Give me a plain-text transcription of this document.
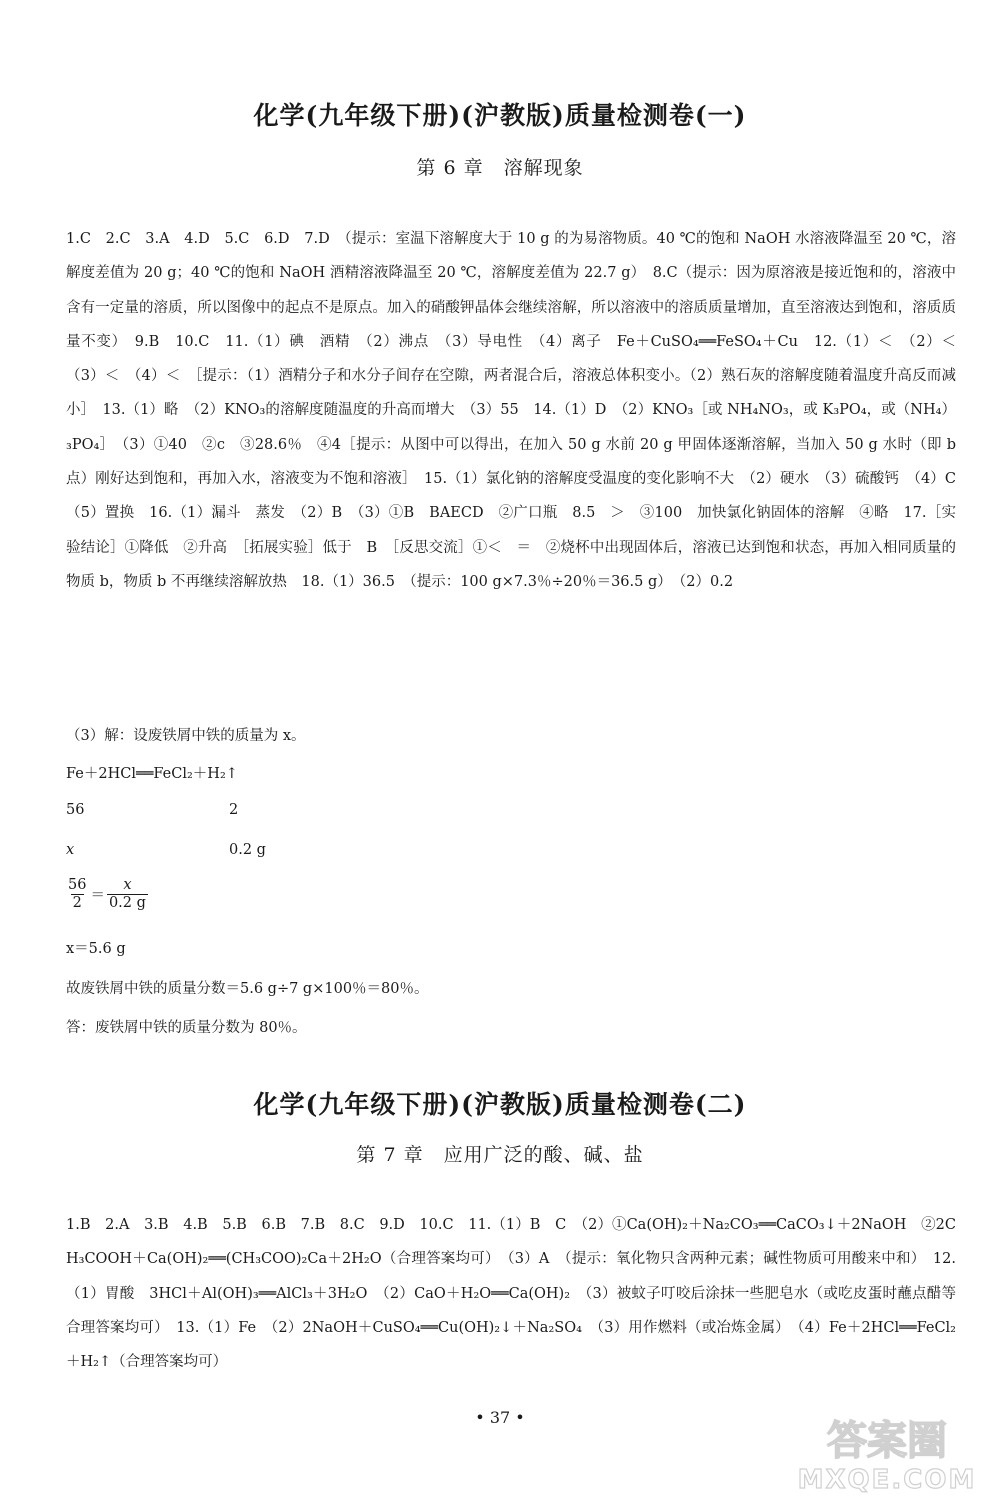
化学(九年级下册)(沪教版)质量检测卷(一)
第 6 章　溶解现象
1.C　2.C　3.A　4.D　5.C　6.D　7.D　（提示：室温下溶解度大于 10 g 的为易溶物质。40 ℃的饱和 NaOH 水溶液降温至 20 ℃，溶解度差值为 20 g；40 ℃的饱和 NaOH 酒精溶液降温至 20 ℃，溶解度差值为 22.7 g）　8.C（提示：因为原溶液是接近饱和的，溶液中含有一定量的溶质，所以图像中的起点不是原点。加入的硝酸钾晶体会继续溶解，所以溶液中的溶质质量增加，直至溶液达到饱和，溶质质量不变）　9.B　10.C　11.（1）碘　酒精　（2）沸点　（3）导电性　（4）离子　Fe＋CuSO₄══FeSO₄＋Cu　12.（1）＜　（2）＜　（3）＜　（4）＜　［提示：（1）酒精分子和水分子间存在空隙，两者混合后，溶液总体积变小。（2）熟石灰的溶解度随着温度升高反而减小］　13.（1）略　（2）KNO₃的溶解度随温度的升高而增大　（3）55　14.（1）D　（2）KNO₃［或 NH₄NO₃，或 K₃PO₄，或（NH₄）₃PO₄］　（3）①40　②c　③28.6％　④4［提示：从图中可以得出，在加入 50 g 水前 20 g 甲固体逐渐溶解，当加入 50 g 水时（即 b 点）刚好达到饱和，再加入水，溶液变为不饱和溶液］　15.（1）氯化钠的溶解度受温度的变化影响不大　（2）硬水　（3）硫酸钙　（4）C　（5）置换　16.（1）漏斗　蒸发　（2）B　（3）①B　BAECD　②广口瓶　8.5　＞　③100　加快氯化钠固体的溶解　④略　17.［实验结论］①降低　②升高　［拓展实验］低于　B　［反思交流］①＜　＝　②烧杯中出现固体后，溶液已达到饱和状态，再加入相同质量的物质 b，物质 b 不再继续溶解放热　18.（1）36.5　（提示：100 g×7.3％÷20％＝36.5 g）　（2）0.2
（3）解：设废铁屑中铁的质量为 x。
Fe＋2HCl══FeCl₂＋H₂↑
56	2
x	0.2 g
$\frac{56}{2} = \frac{x}{0.2 g}$
x＝5.6 g
故废铁屑中铁的质量分数＝5.6 g÷7 g×100％＝80％。
答：废铁屑中铁的质量分数为 80％。
化学(九年级下册)(沪教版)质量检测卷(二)
第 7 章　应用广泛的酸、碱、盐
1.B　2.A　3.B　4.B　5.B　6.B　7.B　8.C　9.D　10.C　11.（1）B　C　（2）①Ca(OH)₂＋Na₂CO₃══CaCO₃↓＋2NaOH　②2CH₃COOH＋Ca(OH)₂══(CH₃COO)₂Ca＋2H₂O（合理答案均可）　（3）A　（提示：氧化物只含两种元素；碱性物质可用酸来中和）　12.（1）胃酸　3HCl＋Al(OH)₃══AlCl₃＋3H₂O　（2）CaO＋H₂O══Ca(OH)₂　（3）被蚊子叮咬后涂抹一些肥皂水（或吃皮蛋时蘸点醋等合理答案均可）　13.（1）Fe　（2）2NaOH＋CuSO₄══Cu(OH)₂↓＋Na₂SO₄　（3）用作燃料（或冶炼金属）　（4）Fe＋2HCl══FeCl₂＋H₂↑（合理答案均可）
• 37 •
答案圈
MXQE.COM
